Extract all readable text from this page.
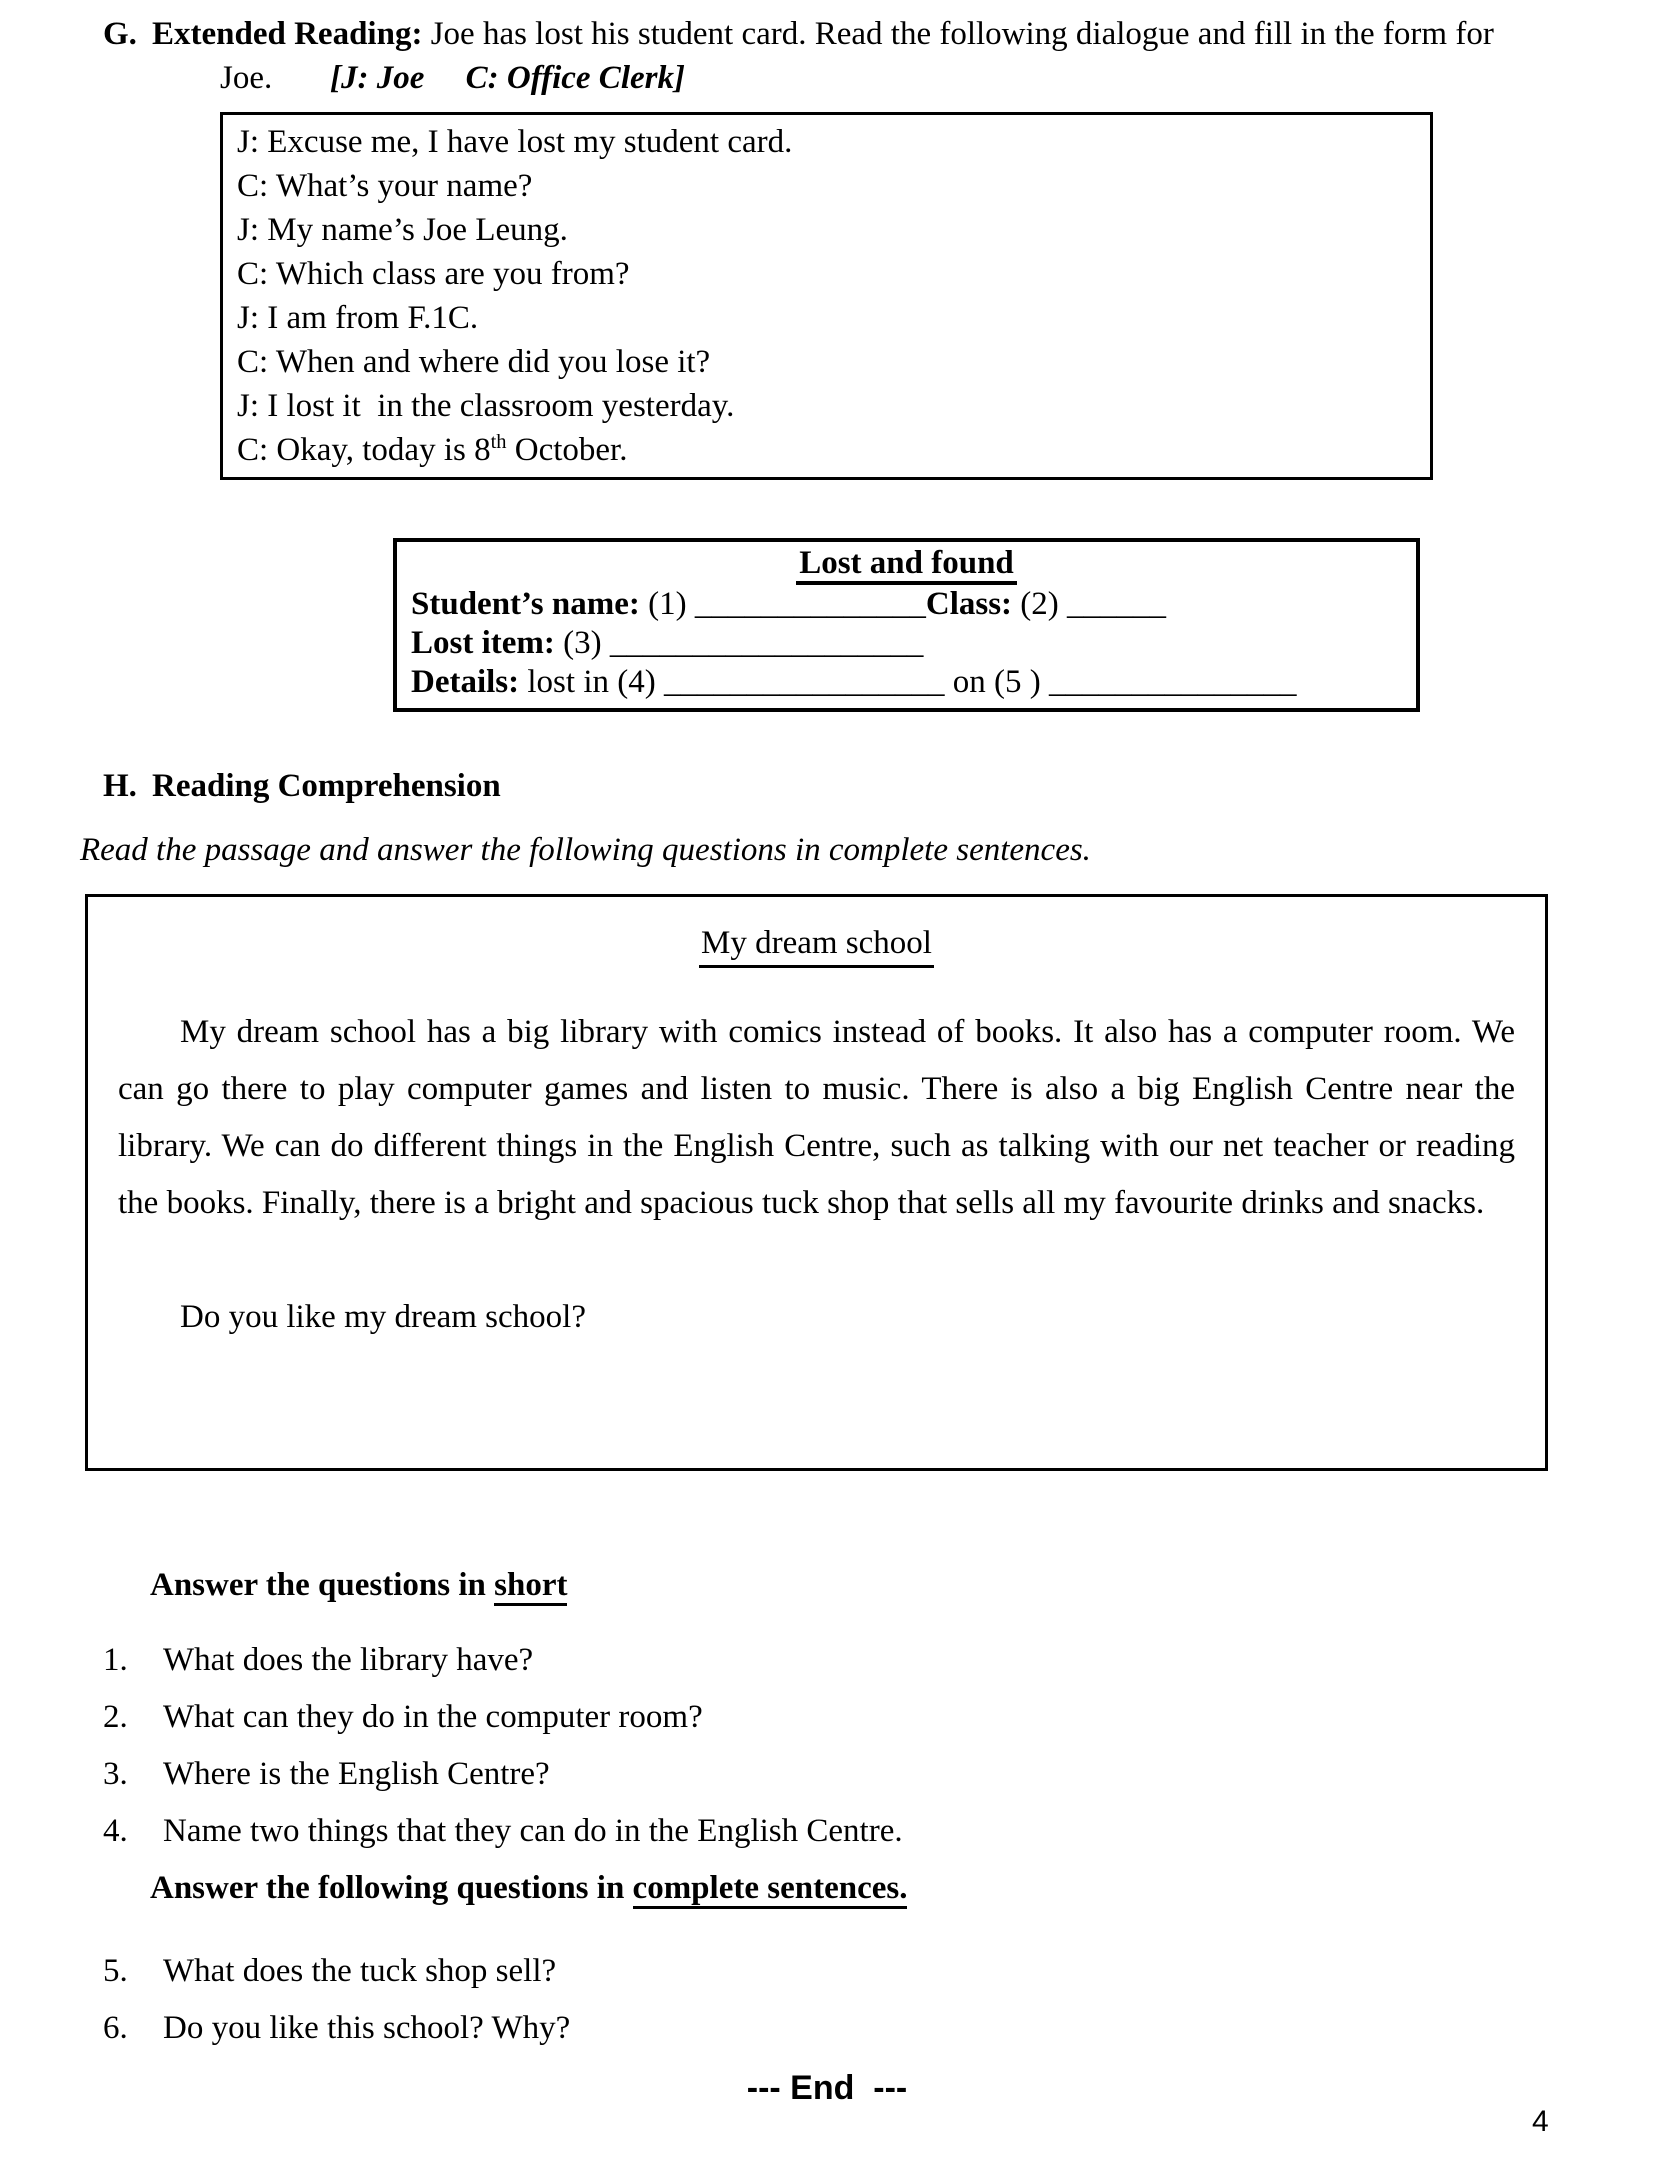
G. Extended Reading: Joe has lost his student card. Read the following dialogue and fill in the form for
Joe. [J: Joe     C: Office Clerk]
J: Excuse me, I have lost my student card.
C: What’s your name?
J: My name’s Joe Leung.
C: Which class are you from?
J: I am from F.1C.
C: When and where did you lose it?
J: I lost it  in the classroom yesterday.
C: Okay, today is 8th October.
Lost and found
Student’s name: (1) ______________Class: (2) ______
Lost item: (3) ___________________
Details: lost in (4) _________________ on (5 ) _______________
H. Reading Comprehension
Read the passage and answer the following questions in complete sentences.
My dream school
My dream school has a big library with comics instead of books. It also has a computer room. We can go there to play computer games and listen to music. There is also a big English Centre near the library. We can do different things in the English Centre, such as talking with our net teacher or reading the books. Finally, there is a bright and spacious tuck shop that sells all my favourite drinks and snacks.
Do you like my dream school?
Answer the questions in short
1.	What does the library have?
2.	What can they do in the computer room?
3.	Where is the English Centre?
4.	Name two things that they can do in the English Centre.
Answer the following questions in complete sentences.
5.	What does the tuck shop sell?
6.	Do you like this school? Why?
--- End  ---
4
